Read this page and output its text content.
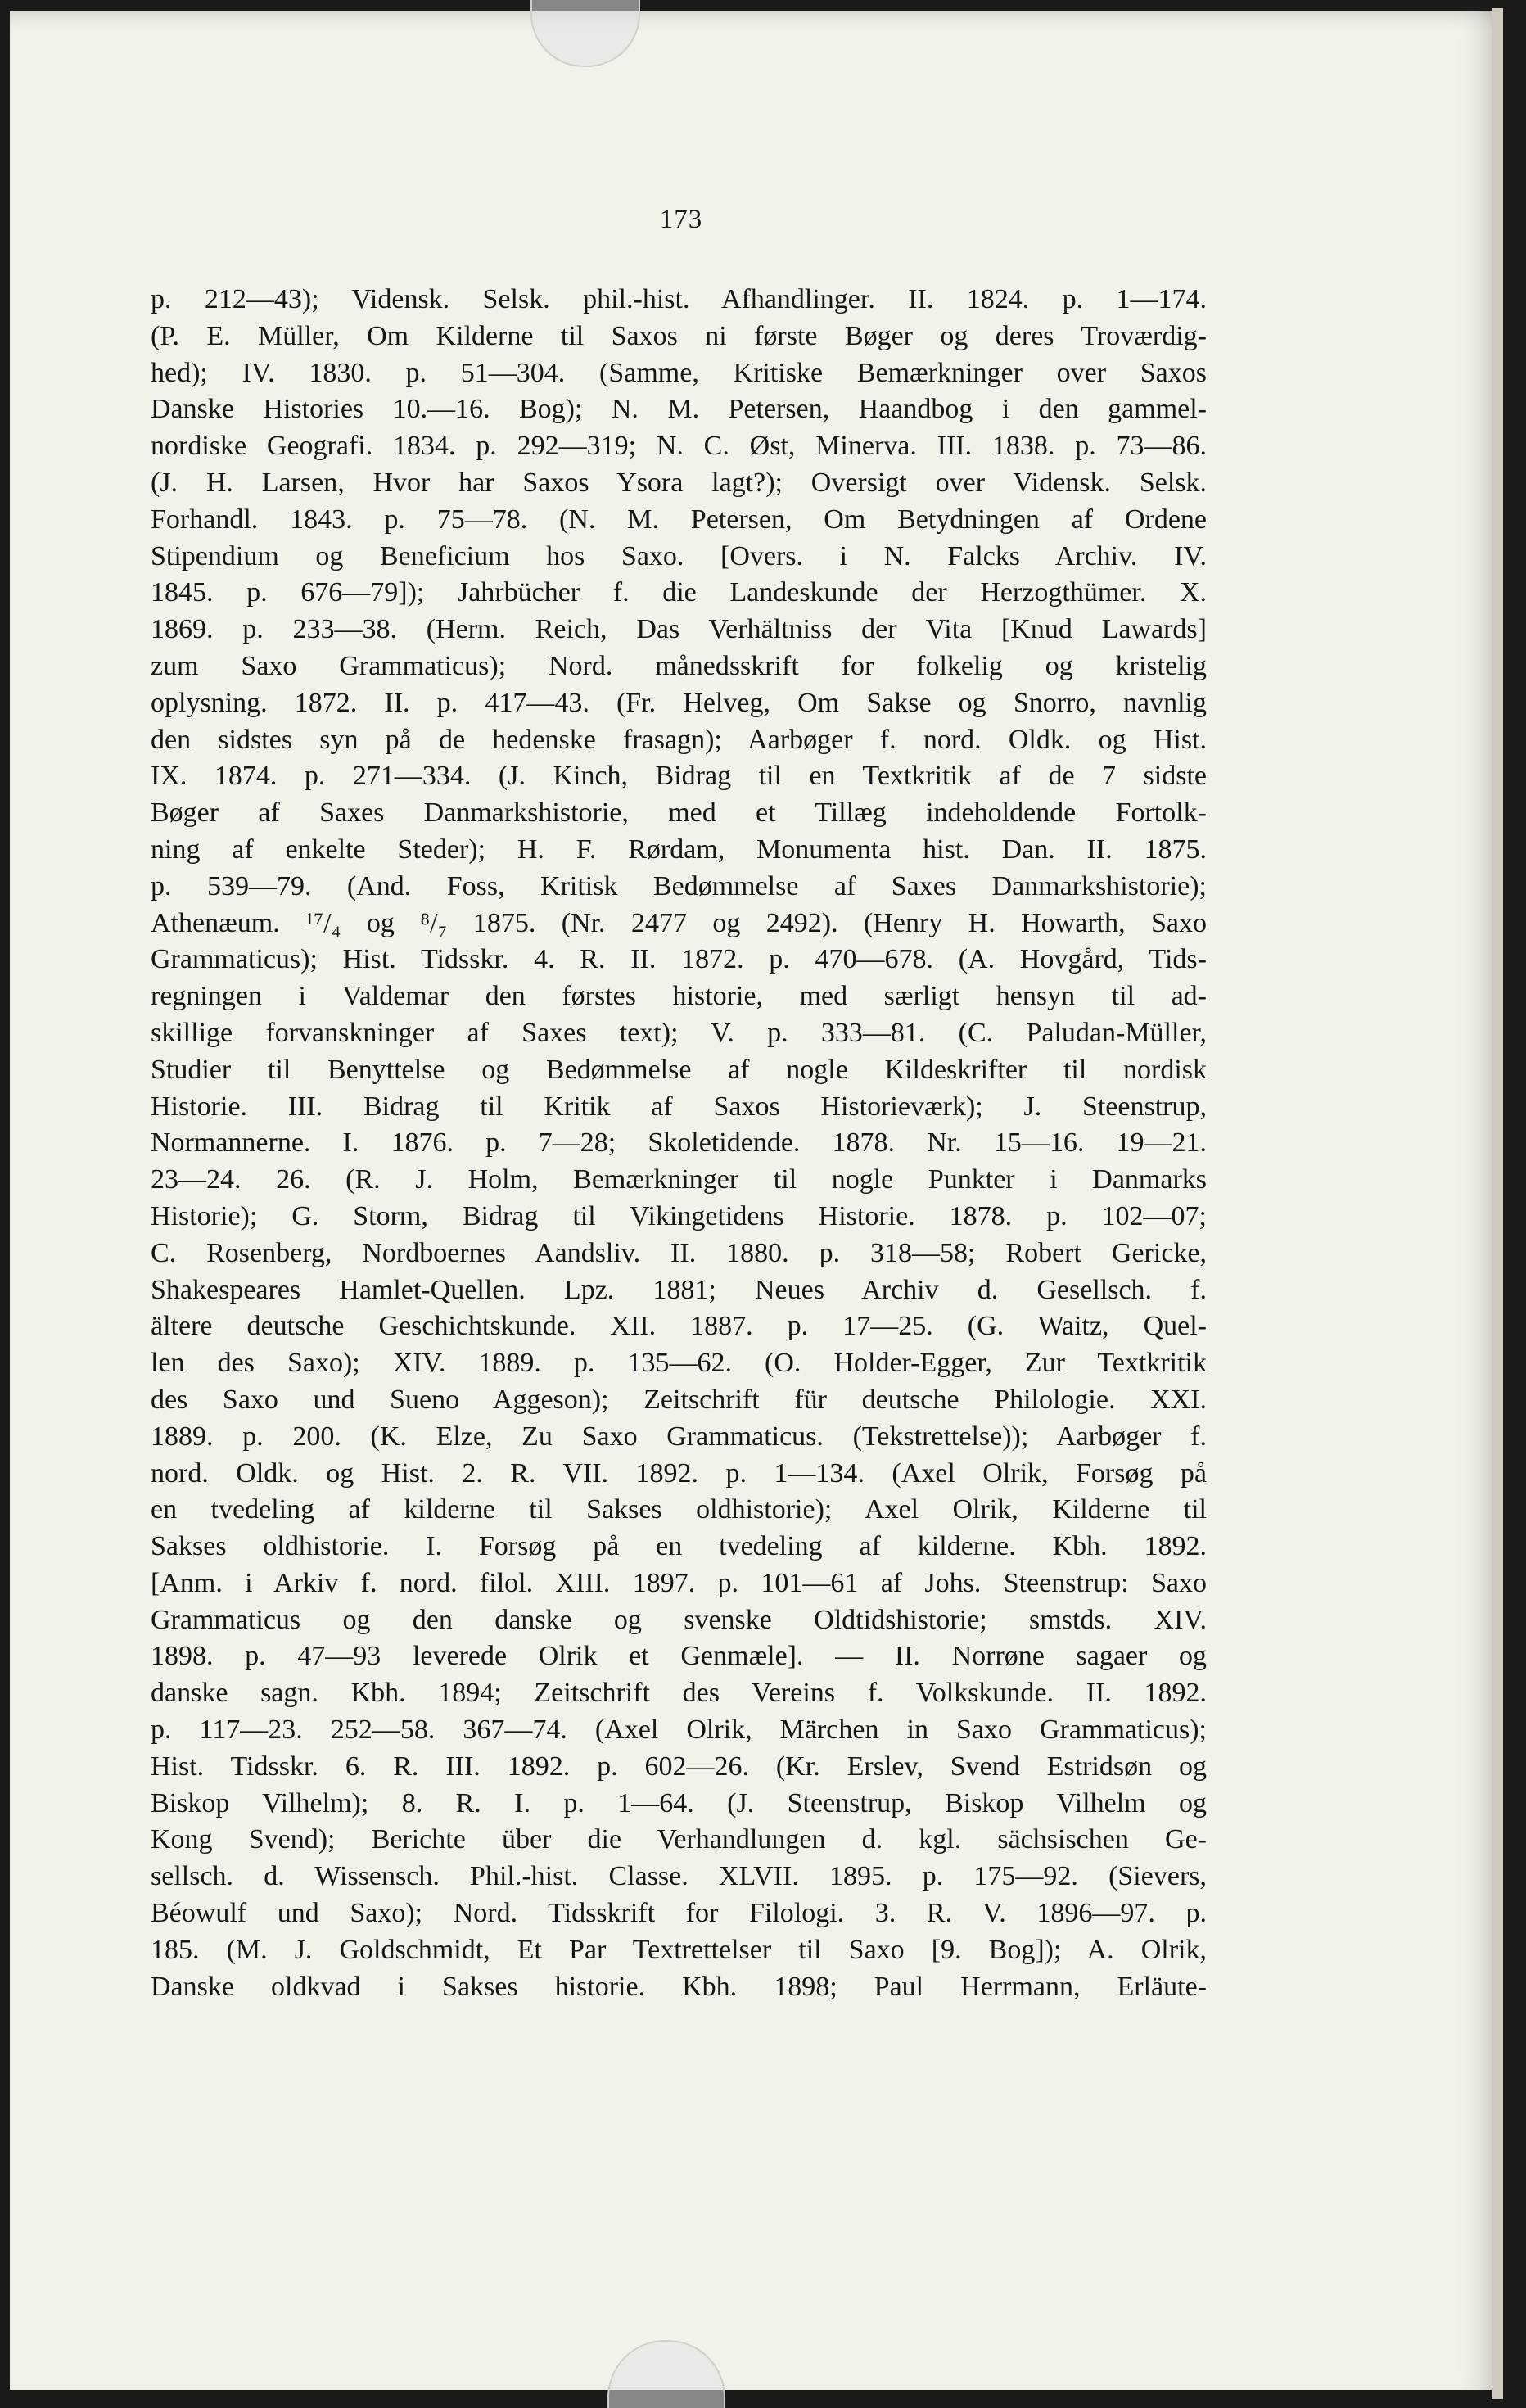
173
p. 212—43); Vidensk. Selsk. phil.-hist. Afhandlinger. II. 1824. p. 1—174.
(P. E. Müller, Om Kilderne til Saxos ni første Bøger og deres Troværdig-
hed); IV. 1830. p. 51—304. (Samme, Kritiske Bemærkninger over Saxos
Danske Histories 10.—16. Bog); N. M. Petersen, Haandbog i den gammel-
nordiske Geografi. 1834. p. 292—319; N. C. Øst, Minerva. III. 1838. p. 73—86.
(J. H. Larsen, Hvor har Saxos Ysora lagt?); Oversigt over Vidensk. Selsk.
Forhandl. 1843. p. 75—78. (N. M. Petersen, Om Betydningen af Ordene
Stipendium og Beneficium hos Saxo. [Overs. i N. Falcks Archiv. IV.
1845. p. 676—79]); Jahrbücher f. die Landeskunde der Herzogthümer. X.
1869. p. 233—38. (Herm. Reich, Das Verhältniss der Vita [Knud Lawards]
zum Saxo Grammaticus); Nord. månedsskrift for folkelig og kristelig
oplysning. 1872. II. p. 417—43. (Fr. Helveg, Om Sakse og Snorro, navnlig
den sidstes syn på de hedenske frasagn); Aarbøger f. nord. Oldk. og Hist.
IX. 1874. p. 271—334. (J. Kinch, Bidrag til en Textkritik af de 7 sidste
Bøger af Saxes Danmarkshistorie, med et Tillæg indeholdende Fortolk-
ning af enkelte Steder); H. F. Rørdam, Monumenta hist. Dan. II. 1875.
p. 539—79. (And. Foss, Kritisk Bedømmelse af Saxes Danmarkshistorie);
Athenæum. ¹⁷/₄ og ⁸/₇ 1875. (Nr. 2477 og 2492). (Henry H. Howarth, Saxo
Grammaticus); Hist. Tidsskr. 4. R. II. 1872. p. 470—678. (A. Hovgård, Tids-
regningen i Valdemar den førstes historie, med særligt hensyn til ad-
skillige forvanskninger af Saxes text); V. p. 333—81. (C. Paludan-Müller,
Studier til Benyttelse og Bedømmelse af nogle Kildeskrifter til nordisk
Historie. III. Bidrag til Kritik af Saxos Historieværk); J. Steenstrup,
Normannerne. I. 1876. p. 7—28; Skoletidende. 1878. Nr. 15—16. 19—21.
23—24. 26. (R. J. Holm, Bemærkninger til nogle Punkter i Danmarks
Historie); G. Storm, Bidrag til Vikingetidens Historie. 1878. p. 102—07;
C. Rosenberg, Nordboernes Aandsliv. II. 1880. p. 318—58; Robert Gericke,
Shakespeares Hamlet-Quellen. Lpz. 1881; Neues Archiv d. Gesellsch. f.
ältere deutsche Geschichtskunde. XII. 1887. p. 17—25. (G. Waitz, Quel-
len des Saxo); XIV. 1889. p. 135—62. (O. Holder-Egger, Zur Textkritik
des Saxo und Sueno Aggeson); Zeitschrift für deutsche Philologie. XXI.
1889. p. 200. (K. Elze, Zu Saxo Grammaticus. (Tekstrettelse)); Aarbøger f.
nord. Oldk. og Hist. 2. R. VII. 1892. p. 1—134. (Axel Olrik, Forsøg på
en tvedeling af kilderne til Sakses oldhistorie); Axel Olrik, Kilderne til
Sakses oldhistorie. I. Forsøg på en tvedeling af kilderne. Kbh. 1892.
[Anm. i Arkiv f. nord. filol. XIII. 1897. p. 101—61 af Johs. Steenstrup: Saxo
Grammaticus og den danske og svenske Oldtidshistorie; smstds. XIV.
1898. p. 47—93 leverede Olrik et Genmæle]. — II. Norrøne sagaer og
danske sagn. Kbh. 1894; Zeitschrift des Vereins f. Volkskunde. II. 1892.
p. 117—23. 252—58. 367—74. (Axel Olrik, Märchen in Saxo Grammaticus);
Hist. Tidsskr. 6. R. III. 1892. p. 602—26. (Kr. Erslev, Svend Estridsøn og
Biskop Vilhelm); 8. R. I. p. 1—64. (J. Steenstrup, Biskop Vilhelm og
Kong Svend); Berichte über die Verhandlungen d. kgl. sächsischen Ge-
sellsch. d. Wissensch. Phil.-hist. Classe. XLVII. 1895. p. 175—92. (Sievers,
Béowulf und Saxo); Nord. Tidsskrift for Filologi. 3. R. V. 1896—97. p.
185. (M. J. Goldschmidt, Et Par Textrettelser til Saxo [9. Bog]); A. Olrik,
Danske oldkvad i Sakses historie. Kbh. 1898; Paul Herrmann, Erläute-
